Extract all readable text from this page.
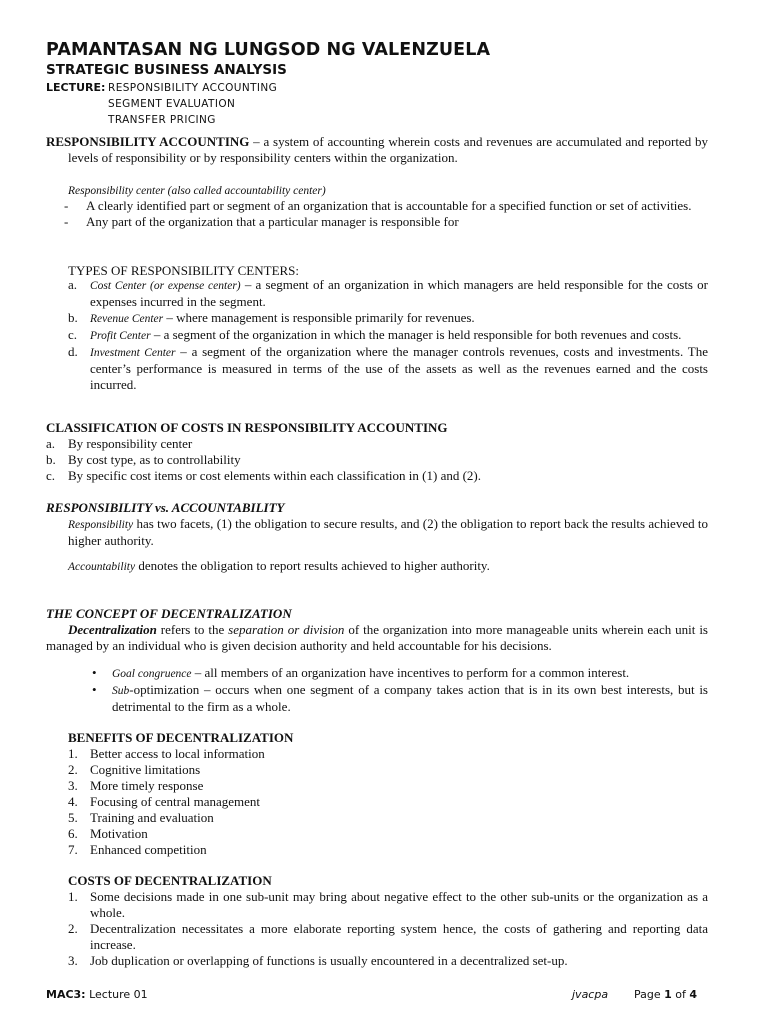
PAMANTASAN NG LUNGSOD NG VALENZUELA
STRATEGIC BUSINESS ANALYSIS
LECTURE: RESPONSIBILITY ACCOUNTING
SEGMENT EVALUATION
TRANSFER PRICING
RESPONSIBILITY ACCOUNTING – a system of accounting wherein costs and revenues are accumulated and reported by levels of responsibility or by responsibility centers within the organization.
Responsibility center (also called accountability center)
- A clearly identified part or segment of an organization that is accountable for a specified function or set of activities.
- Any part of the organization that a particular manager is responsible for
TYPES OF RESPONSIBILITY CENTERS:
a. Cost Center (or expense center) – a segment of an organization in which managers are held responsible for the costs or expenses incurred in the segment.
b. Revenue Center – where management is responsible primarily for revenues.
c. Profit Center – a segment of the organization in which the manager is held responsible for both revenues and costs.
d. Investment Center – a segment of the organization where the manager controls revenues, costs and investments. The center’s performance is measured in terms of the use of the assets as well as the revenues earned and the costs incurred.
CLASSIFICATION OF COSTS IN RESPONSIBILITY ACCOUNTING
a. By responsibility center
b. By cost type, as to controllability
c. By specific cost items or cost elements within each classification in (1) and (2).
RESPONSIBILITY vs. ACCOUNTABILITY
Responsibility has two facets, (1) the obligation to secure results, and (2) the obligation to report back the results achieved to higher authority.
Accountability denotes the obligation to report results achieved to higher authority.
THE CONCEPT OF DECENTRALIZATION
Decentralization refers to the separation or division of the organization into more manageable units wherein each unit is managed by an individual who is given decision authority and held accountable for his decisions.
• Goal congruence – all members of an organization have incentives to perform for a common interest.
• Sub-optimization – occurs when one segment of a company takes action that is in its own best interests, but is detrimental to the firm as a whole.
BENEFITS OF DECENTRALIZATION
1. Better access to local information
2. Cognitive limitations
3. More timely response
4. Focusing of central management
5. Training and evaluation
6. Motivation
7. Enhanced competition
COSTS OF DECENTRALIZATION
1. Some decisions made in one sub-unit may bring about negative effect to the other sub-units or the organization as a whole.
2. Decentralization necessitates a more elaborate reporting system hence, the costs of gathering and reporting data increase.
3. Job duplication or overlapping of functions is usually encountered in a decentralized set-up.
MAC3: Lecture 01	jvacpa Page 1 of 4
